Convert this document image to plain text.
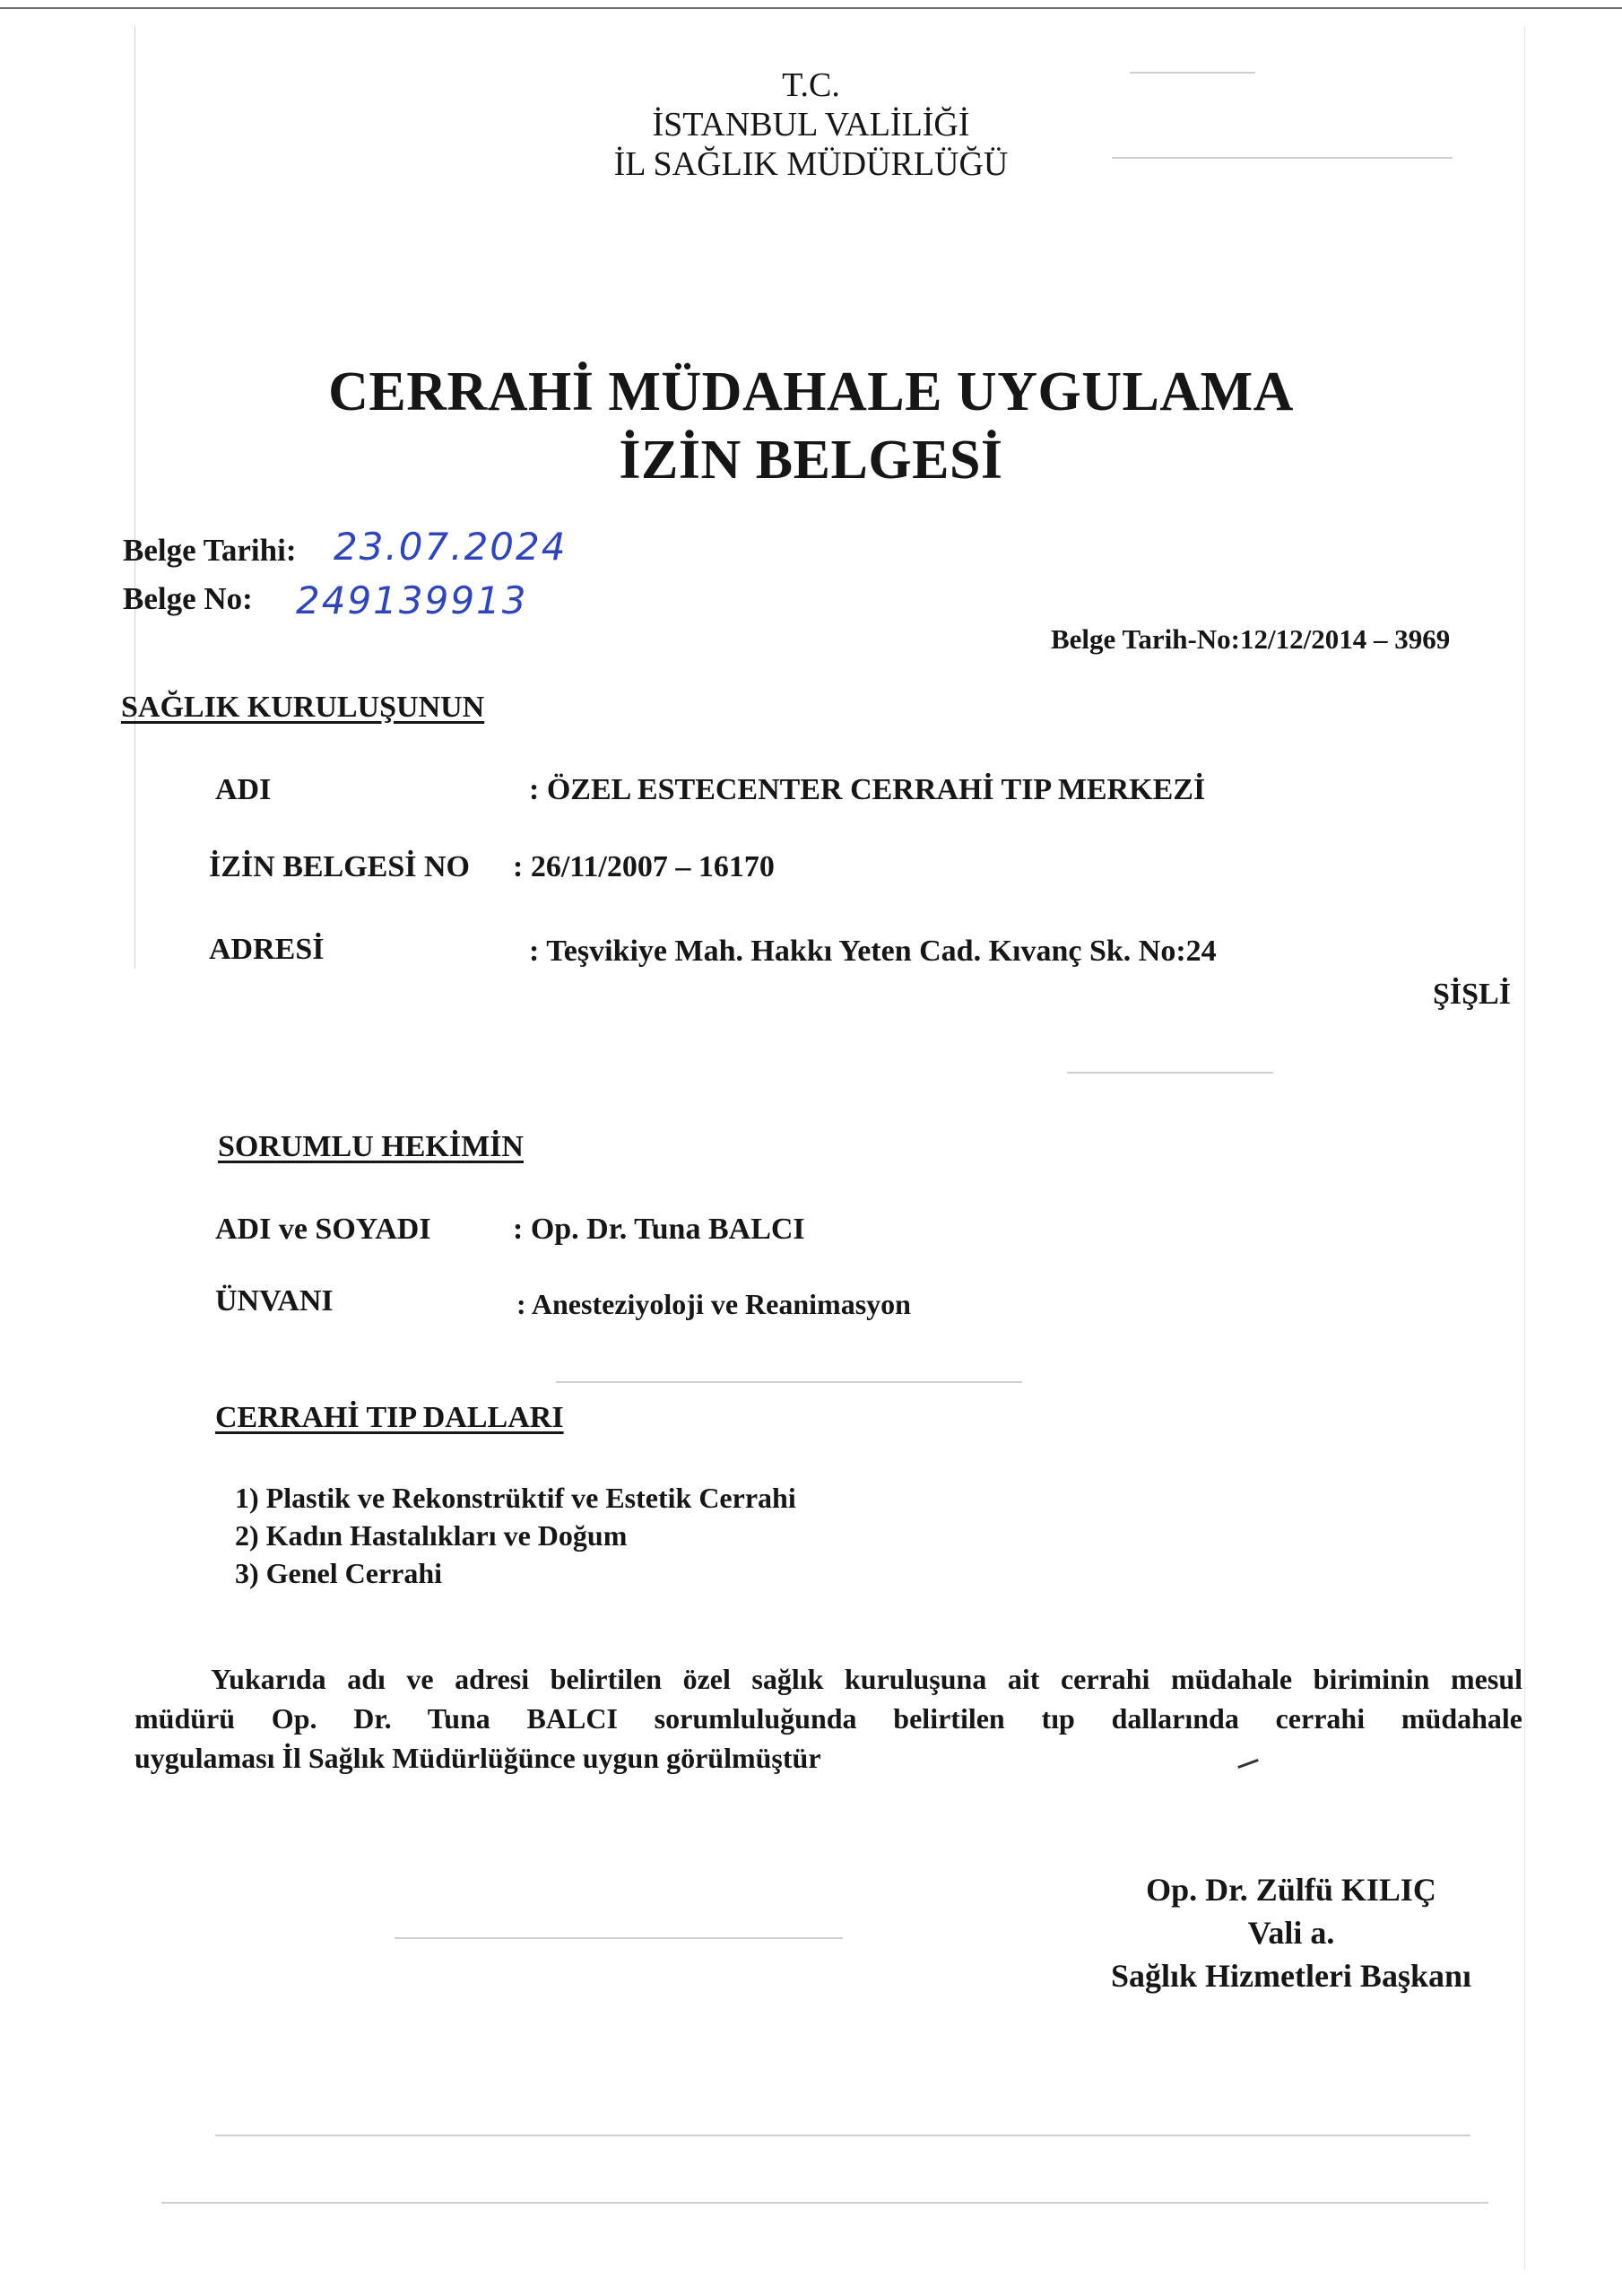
T.C.
İSTANBUL VALİLİĞİ
İL SAĞLIK MÜDÜRLÜĞÜ
CERRAHİ MÜDAHALE UYGULAMA
İZİN BELGESİ
Belge Tarihi: 23.07.2024
Belge No: 249139913
Belge Tarih-No:12/12/2014 – 3969
SAĞLIK KURULUŞUNUN
ADI	: ÖZEL ESTECENTER CERRAHİ TIP MERKEZİ
İZİN BELGESİ NO : 26/11/2007 – 16170
ADRESİ	: Teşvikiye Mah. Hakkı Yeten Cad. Kıvanç Sk. No:24
ŞİŞLİ
SORUMLU HEKİMİN
ADI ve SOYADI	: Op. Dr. Tuna BALCI
ÜNVANI	: Anesteziyoloji ve Reanimasyon
CERRAHİ TIP DALLARI
1) Plastik ve Rekonstrüktif ve Estetik Cerrahi
2) Kadın Hastalıkları ve Doğum
3) Genel Cerrahi
Yukarıda adı ve adresi belirtilen özel sağlık kuruluşuna ait cerrahi müdahale biriminin mesul
müdürü Op. Dr. Tuna BALCI sorumluluğunda belirtilen tıp dallarında cerrahi müdahale
uygulaması İl Sağlık Müdürlüğünce uygun görülmüştür
Op. Dr. Zülfü KILIÇ
Vali a.
Sağlık Hizmetleri Başkanı
